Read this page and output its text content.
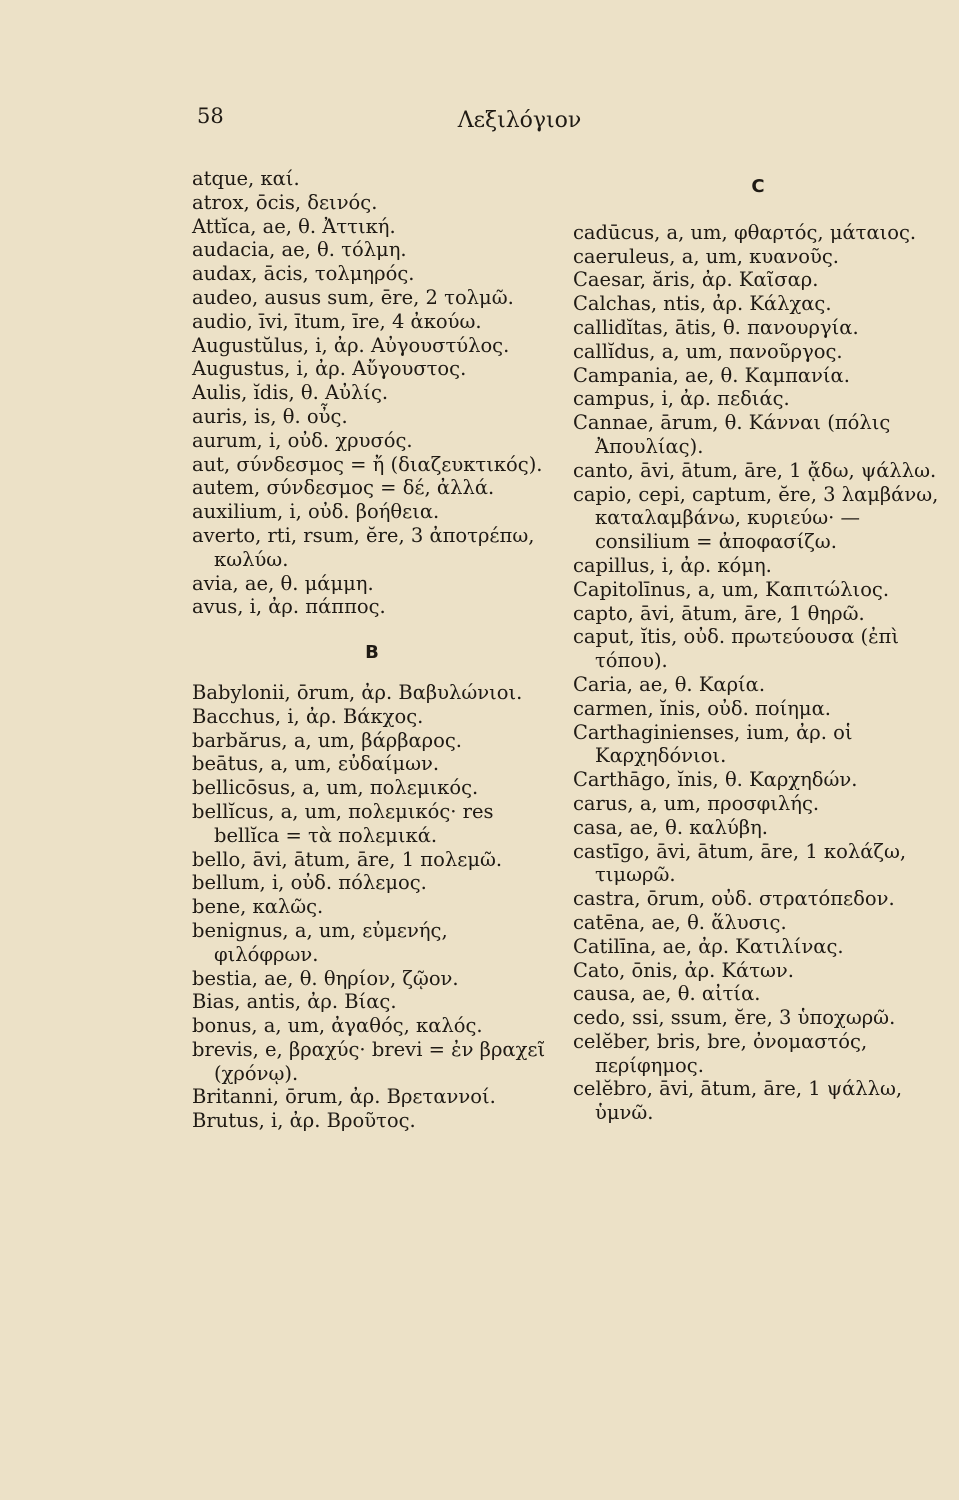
58	Λεξιλόγιον

atque, καί.

atrox, ōcis, δεινός.

Attĭca, ae, θ. Ἀττική.

audacia, ae, θ. τόλμη.

audax, ācis, τολμηρός.

audeo, ausus sum, ēre, 2 τολμῶ.

audio, īvi, ītum, īre, 4 ἀκούω.

Augustŭlus, i, ἀρ. Αὐγουστύλος.

Augustus, i, ἀρ. Αὔγουστος.

Aulis, ĭdis, θ. Αὐλίς.

auris, is, θ. οὖς.

aurum, i, οὐδ. χρυσός.

aut, σύνδεσμος = ἤ (διαζευκτικός).

autem, σύνδεσμος = δέ, ἀλλά.

auxilium, i, οὐδ. βοήθεια.

averto, rti, rsum, ĕre, 3 ἀποτρέπω, κωλύω.

avia, ae, θ. μάμμη.

avus, i, ἀρ. πάππος.

B

Babylonii, ōrum, ἀρ. Βαβυλώνιοι.

Bacchus, i, ἀρ. Βάκχος.

barbărus, a, um, βάρβαρος.

beātus, a, um, εὐδαίμων.

bellicōsus, a, um, πολεμικός.

bellĭcus, a, um, πολεμικός· res bellĭca = τὰ πολεμικά.

bello, āvi, ātum, āre, 1 πολεμῶ.

bellum, i, οὐδ. πόλεμος.

bene, καλῶς.

benignus, a, um, εὐμενής, φιλόφρων.

bestia, ae, θ. θηρίον, ζῷον.

Bias, antis, ἀρ. Βίας.

bonus, a, um, ἀγαθός, καλός.

brevis, e, βραχύς· brevi = ἐν βραχεῖ (χρόνῳ).

Britanni, ōrum, ἀρ. Βρεταννοί.

Brutus, i, ἀρ. Βροῦτος.

C

cadūcus, a, um, φθαρτός, μάταιος.

caeruleus, a, um, κυανοῦς.

Caesar, ăris, ἀρ. Καῖσαρ.

Calchas, ntis, ἀρ. Κάλχας.

callidĭtas, ātis, θ. πανουργία.

callĭdus, a, um, πανοῦργος.

Campania, ae, θ. Καμπανία.

campus, i, ἀρ. πεδιάς.

Cannae, ārum, θ. Κάνναι (πόλις Ἀπουλίας).

canto, āvi, ātum, āre, 1 ᾄδω, ψάλλω.

capio, cepi, captum, ĕre, 3 λαμβάνω, καταλαμβάνω, κυριεύω· — consilium = ἀποφασίζω.

capillus, i, ἀρ. κόμη.

Capitolīnus, a, um, Καπιτώλιος.

capto, āvi, ātum, āre, 1 θηρῶ.

caput, ĭtis, οὐδ. πρωτεύουσα (ἐπὶ τόπου).

Caria, ae, θ. Καρία.

carmen, ĭnis, οὐδ. ποίημα.

Carthaginienses, ium, ἀρ. οἱ Καρχηδόνιοι.

Carthāgo, ĭnis, θ. Καρχηδών.

carus, a, um, προσφιλής.

casa, ae, θ. καλύβη.

castīgo, āvi, ātum, āre, 1 κολάζω, τιμωρῶ.

castra, ōrum, οὐδ. στρατόπεδον.

catēna, ae, θ. ἅλυσις.

Catilīna, ae, ἀρ. Κατιλίνας.

Cato, ōnis, ἀρ. Κάτων.

causa, ae, θ. αἰτία.

cedo, ssi, ssum, ĕre, 3 ὑποχωρῶ.

celĕber, bris, bre, ὀνομαστός, περίφημος.

celĕbro, āvi, ātum, āre, 1 ψάλλω, ὑμνῶ.
